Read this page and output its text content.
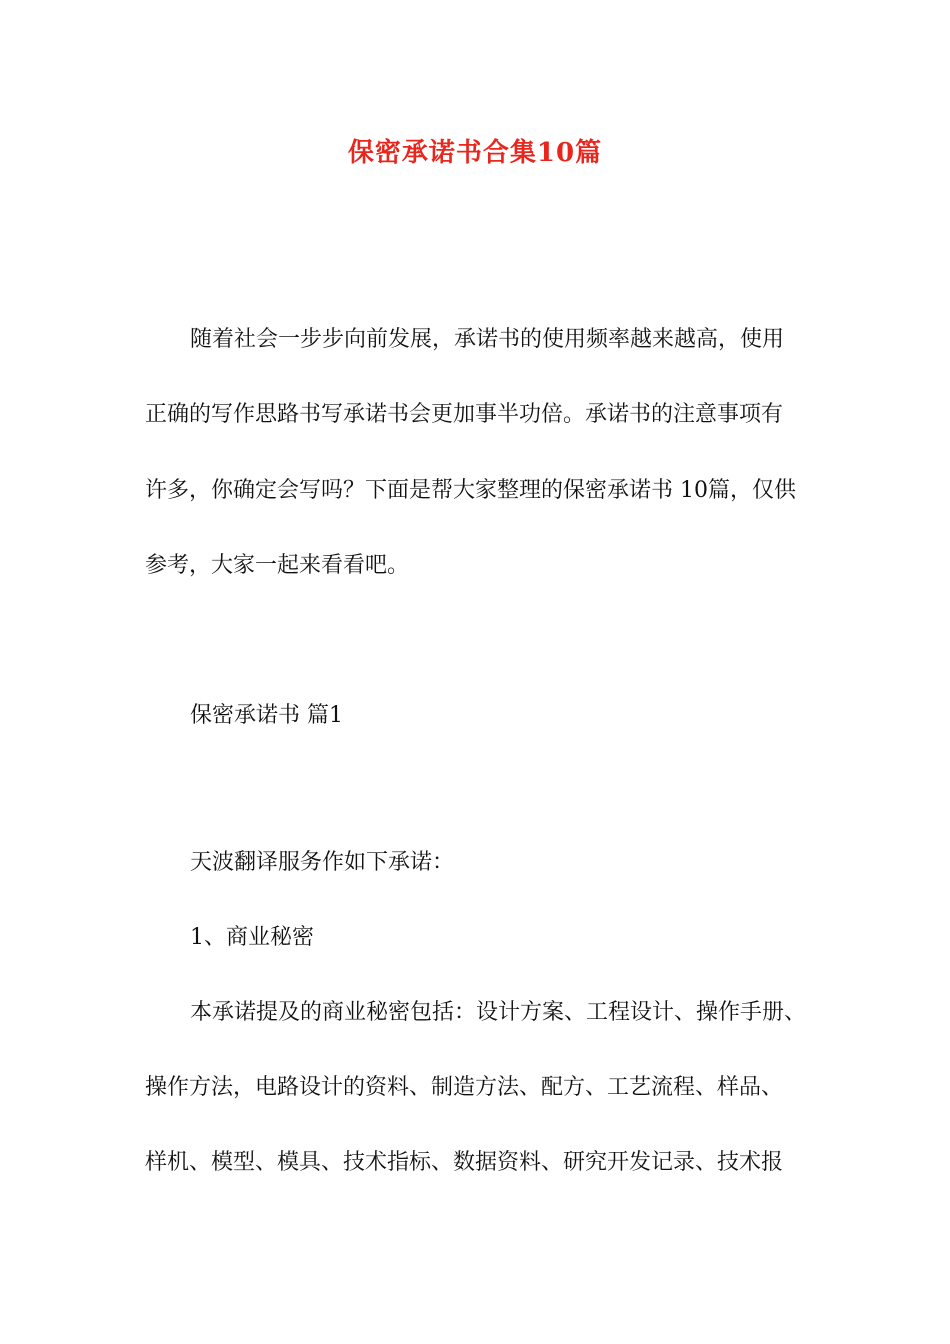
保密承诺书合集10篇
随着社会一步步向前发展，承诺书的使用频率越来越高，使用
正确的写作思路书写承诺书会更加事半功倍。承诺书的注意事项有
许多，你确定会写吗？下面是帮大家整理的保密承诺书 10篇，仅供
参考，大家一起来看看吧。
保密承诺书 篇1
天波翻译服务作如下承诺：
1、商业秘密
本承诺提及的商业秘密包括：设计方案、工程设计、操作手册、
操作方法，电路设计的资料、制造方法、配方、工艺流程、样品、
样机、模型、模具、技术指标、数据资料、研究开发记录、技术报
